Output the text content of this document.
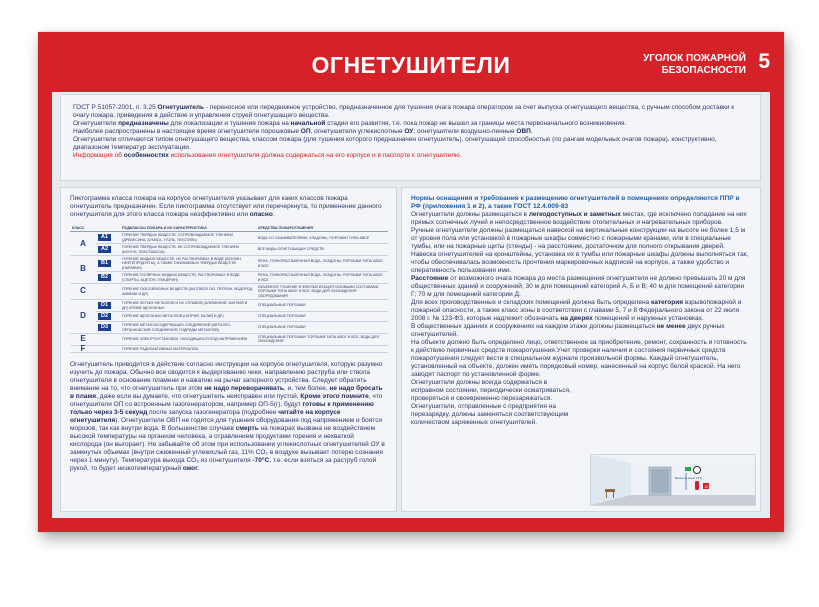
ОГНЕТУШИТЕЛИ	УГОЛОК ПОЖАРНОЙ
БЕЗОПАСНОСТИ 5
ГОСТ Р 51057-2001, п. 3.25 Огнетушитель - переносное или передвижное устройство, предназначенное для тушения очага пожара оператором за счет выпуска огнетушащего вещества, с ручным способом доставки к очагу пожара, приведения в действие и управления струей огнетушащего вещества.
Огнетушители предназначены для локализации и тушения пожара на начальной стадии его развития, т.е. пока пожар не вышел за границы места первоначального возникновения.
Наиболее распространены в настоящее время огнетушители порошковые ОП, огнетушители углекислотные ОУ, огнетушители воздушно-пенные ОВП.
Огнетушители отличаются типом огнетушащего вещества, классом пожара (для тушения которого предназначен огнетушитель), огнетушащей способностью (по рангам модельных очагов пожара), конструктивно, диапазоном температур эксплуатации.
Информация об особенностях использования огнетушителя должна содержаться на его корпусе и в паспорте к огнетушителю.
Пиктограмма класса пожара на корпусе огнетушителя указывает для каких классов пожара огнетушитель предназначен. Если пиктограмма отсутствует или перечеркнута, то применение данного огнетушителя для этого класса пожара неэффективно или опасно.
КЛАСС		ПОДКЛАССЫ ПОЖАРА И ИХ ХАРАКТЕРИСТИКА	СРЕДСТВА ПОЖАРОТУШЕНИЯ
A	A1	ГОРЕНИЕ ТВЕРДЫХ ВЕЩЕСТВ, СОПРОВОЖДАЕМОЕ ТЛЕНИЕМ (ДРЕВЕСИНА, БУМАГА, УГОЛЬ, ТЕКСТИЛЬ)	ВОДА СО СМАЧИВАТЕЛЯМИ, ХЛАДОНЫ, ПОРОШКИ ТИПА АВСЕ
	A2	ГОРЕНИЕ ТВЕРДЫХ ВЕЩЕСТВ, НЕ СОПРОВОЖДАЕМОЕ ТЛЕНИЕМ (КАУЧУК, ПЛАСТМАССА)	ВСЕ ВИДЫ ОГНЕТУШАЩИХ СРЕДСТВ
B	B1	ГОРЕНИЕ ЖИДКИХ ВЕЩЕСТВ, НЕ РАСТВОРИМЫХ В ВОДЕ (БЕНЗИН, НЕФТЕПРОДУКТЫ), А ТАКЖЕ СЖИЖАЕМЫХ ТВЕРДЫХ ВЕЩЕСТВ (ПАРАФИН)	ПЕНА, ТОНКОРАСПЫЛЕННАЯ ВОДА, ХЛАДОНЫ, ПОРОШКИ ТИПА АВСЕ И ВСЕ
	B2	ГОРЕНИЕ ПОЛЯРНЫХ ЖИДКИХ ВЕЩЕСТВ, РАСТВОРИМЫХ В ВОДЕ (СПИРТЫ, АЦЕТОН, ГЛИЦЕРИН)	ПЕНА, ТОНКОРАСПЫЛЕННАЯ ВОДА, ХЛАДОНЫ, ПОРОШКИ ТИПА АВСЕ И ВСЕ
C		ГОРЕНИЕ ГАЗООБРАЗНЫХ ВЕЩЕСТВ (БЫТОВОЙ ГАЗ, ПРОПАН, ВОДОРОД, АММИАК И ДР.)	ОБЪЕМНОЕ ТУШЕНИЕ И ФЛЕГМАТИЗАЦИЯ ГАЗОВЫМИ СОСТАВАМИ, ПОРОШКИ ТИПА АВСЕ И ВСЕ, ВОДА ДЛЯ ОХЛАЖДЕНИЯ ОБОРУДОВАНИЯ
D	D1	ГОРЕНИЕ ЛЕГКИХ МЕТАЛЛОВ И ИХ СПЛАВОВ (АЛЮМИНИЙ, МАГНИЙ И ДР.) КРОМЕ ЩЕЛОЧНЫХ	СПЕЦИАЛЬНЫЕ ПОРОШКИ
	D2	ГОРЕНИЕ ЩЕЛОЧНЫХ МЕТАЛЛОВ (НАТРИЙ, КАЛИЙ И ДР.)	СПЕЦИАЛЬНЫЕ ПОРОШКИ
	D3	ГОРЕНИЕ МЕТАЛЛОСОДЕРЖАЩИХ СОЕДИНЕНИЙ (МЕТАЛЛО-ОРГАНИЧЕСКИЕ СОЕДИНЕНИЯ, ГИДРИДЫ МЕТАЛЛОВ)	СПЕЦИАЛЬНЫЕ ПОРОШКИ
E		ГОРЕНИЕ ЭЛЕКТРОУСТАНОВОК, НАХОДЯЩИХСЯ ПОД НАПРЯЖЕНИЕМ	СПЕЦИАЛЬНЫЕ ПОРОШКИ, ТОРОШКИ ТИПА АВСЕ И ВСЕ, ВОДА ДЛЯ ОХЛАЖДЕНИЯ
F		ГОРЕНИЕ РАДИОАКТИВНЫХ МАТЕРИАЛОВ	
Огнетушитель приводится в действие согласно инструкции на корпусе огнетушителя, которую разумно изучить до пожара. Обычно все сводится к выдергиванию чеки, направлению раструба или ствола огнетушителя в основание пламени и нажатию на рычаг запорного устройства. Следует обратить внимание на то, что огнетушитель при этом не надо переворачивать, и, тем более, не надо бросать в пламя, даже если вы думаете, что огнетушитель неисправен или пустой. Кроме этого помните, что огнетушители ОП со встроенным газогенератором, например ОП-5(г), будут готовы к применению только через 3-5 секунд после запуска газогенератора (подробнее читайте на корпусе огнетушителя). Огнетушители ОВП не годятся для тушения оборудования под напряжением и боятся морозов, так как внутри вода. В большинстве случаев смерть на пожарах вызвана не воздействием высокой температуры на организм человека, а отравлением продуктами горения и нехваткой кислорода (он выгорает). Не забывайте об этом при использовании углекислотных огнетушителей ОУ в замкнутых объемах (внутри сжиженный углекислый газ, 11% CO₂ в воздухе вызывает потерю сознания через 1 минуту). Температура выхода CO₂ из огнетушителя -70°С, т.е. если взяться за раструб голой рукой, то будет низкотемпературный ожог.
Нормы оснащения и требования к размещению огнетушителей в помещениях определяются ППР в РФ (приложения 1 и 2), а также ГОСТ 12.4.009-83
Огнетушители должны размещаться в легкодоступных и заметных местах, где исключено попадание на них прямых солнечных лучей и непосредственное воздействие отопительных и нагревательных приборов.
Ручные огнетушители должны размещаться навеской на вертикальные конструкции на высоте не более 1,5 м от уровня пола или установкой в пожарные шкафы совместно с пожарными кранами, или в специальные тумбы, или на пожарные щиты (стенды) - на расстоянии, достаточном для полного открывания дверей.
Навеска огнетушителей на кронштейны, установка их в тумбы или пожарные шкафы должны выполняться так, чтобы обеспечивалась возможность прочтения маркировочных надписей на корпусе, а также удобство и оперативность пользования ими.
Расстояние от возможного очага пожара до места размещения огнетушителя не должно превышать 20 м для общественных зданий и сооружений; 30 м для помещений категорий А, Б и В; 40 м для помещений категории Г; 70 м для помещений категории Д.
Для всех производственных и складских помещений должна быть определена категория взрывопожарной и пожарной опасности, а также класс зоны в соответствии с главами 5, 7 и 8 Федерального закона от 22 июля 2008 г. № 123-ФЗ, которые надлежит обозначать на дверях помещений и наружных установках.
В общественных зданиях и сооружениях на каждом этаже должны размещаться не менее двух ручных огнетушителей.
На объекте должно быть определено лицо, ответственное за приобретение, ремонт, сохранность и готовность к действию первичных средств пожаротушения.Учет проверки наличия и состояния первичных средств пожаротушения следует вести в специальном журнале произвольной формы. Каждый огнетушитель, установленный на объекте, должен иметь порядковый номер, нанесенный на корпус белой краской. На него заводят паспорт по установленной форме.
Огнетушители должны всегда содержаться в исправном состоянии, периодически осматриваться, проверяться и своевременно перезаряжаться. Огнетушители, отправленные с предприятия на перезарядку, должны заменяться соответствующим количеством заряженных огнетушителей.
Высота не выше 1,5 м
10
